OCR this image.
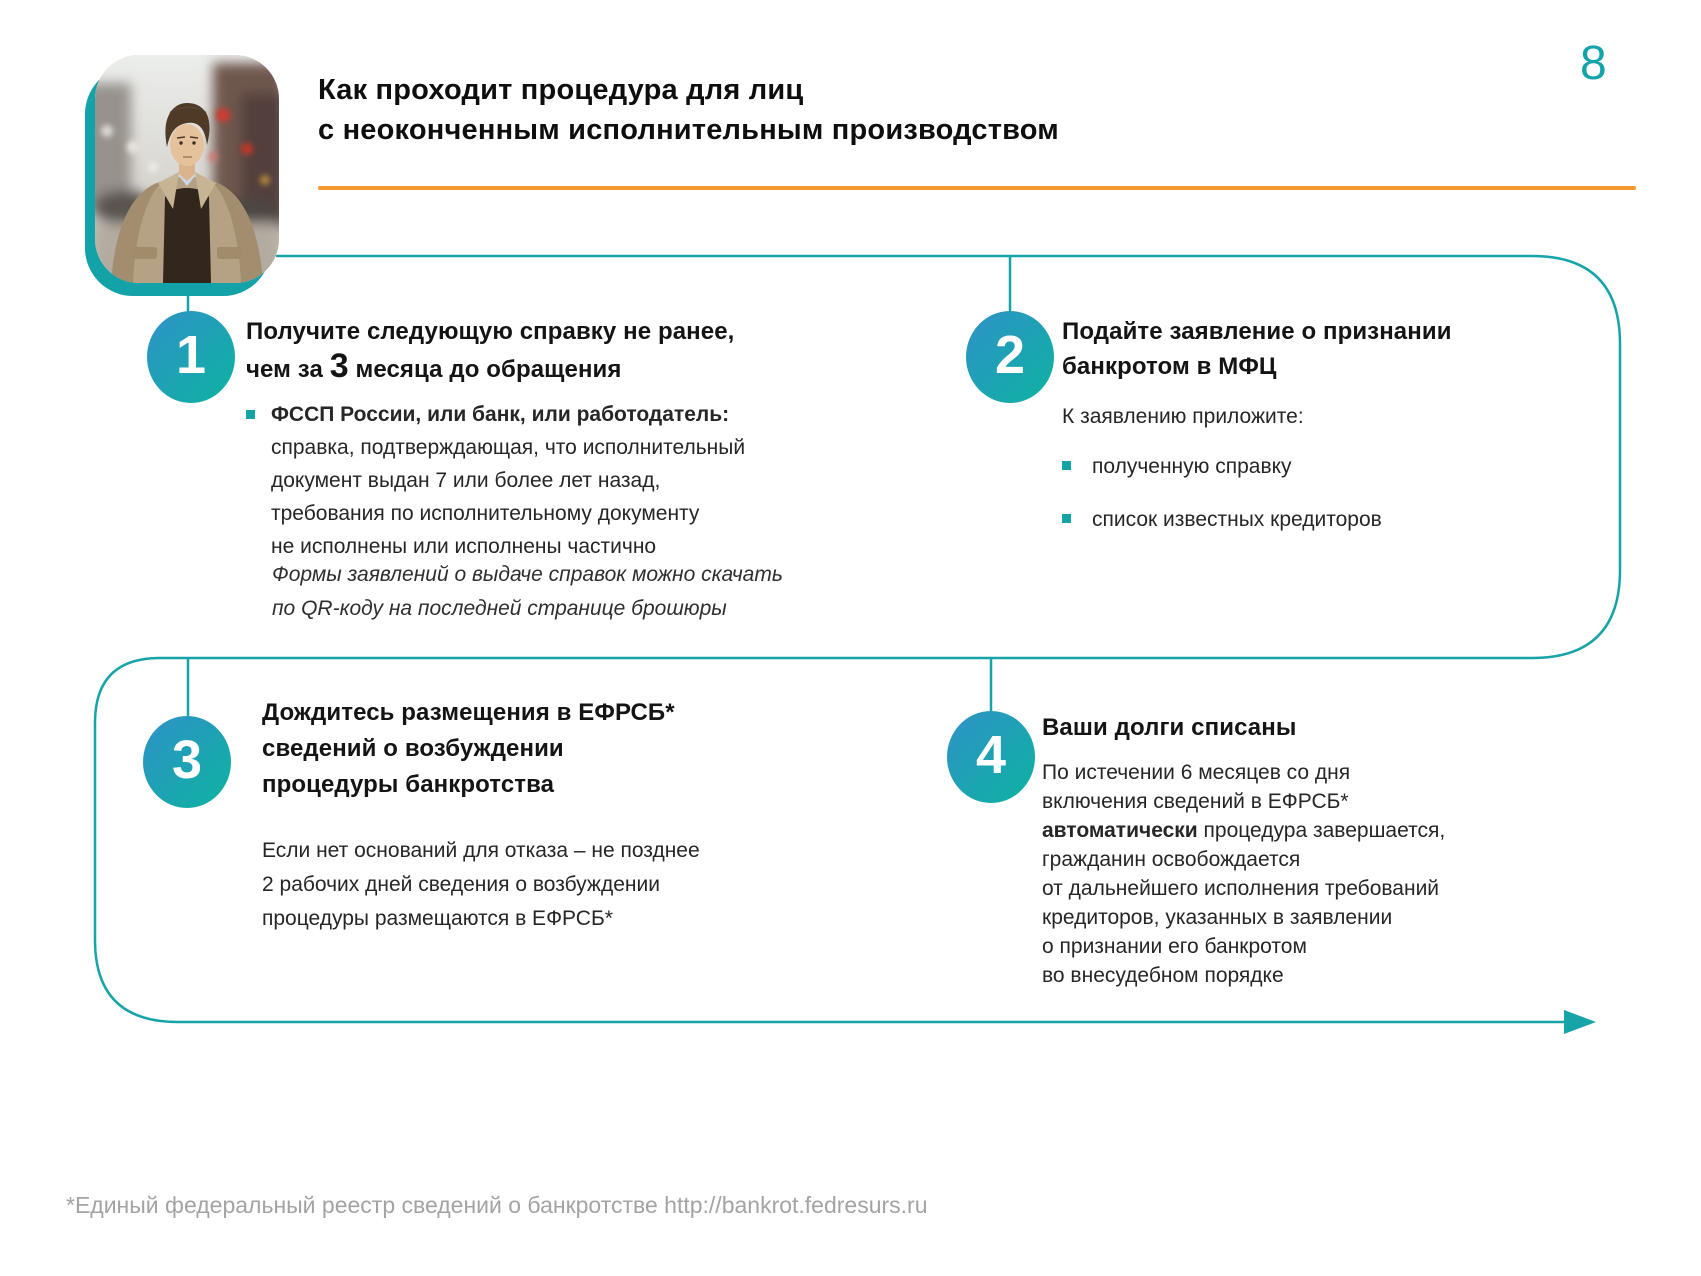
8
Как проходит процедура для лиц
с неоконченным исполнительным производством
1	2
3	4
Получите следующую справку не ранее,
чем за 3 месяца до обращения
ФССП России, или банк, или работодатель:
справка, подтверждающая, что исполнительный
документ выдан 7 или более лет назад,
требования по исполнительному документу
не исполнены или исполнены частично
Формы заявлений о выдаче справок можно скачать
по QR-коду на последней странице брошюры
Подайте заявление о признании
банкротом в МФЦ
К заявлению приложите:
полученную справку
список известных кредиторов
Дождитесь размещения в ЕФРСБ*
сведений о возбуждении
процедуры банкротства
Если нет оснований для отказа – не позднее
2 рабочих дней сведения о возбуждении
процедуры размещаются в ЕФРСБ*
Ваши долги списаны
По истечении 6 месяцев со дня
включения сведений в ЕФРСБ*
автоматически процедура завершается,
гражданин освобождается
от дальнейшего исполнения требований
кредиторов, указанных в заявлении
о признании его банкротом
во внесудебном порядке
*Единый федеральный реестр сведений о банкротстве http://bankrot.fedresurs.ru
